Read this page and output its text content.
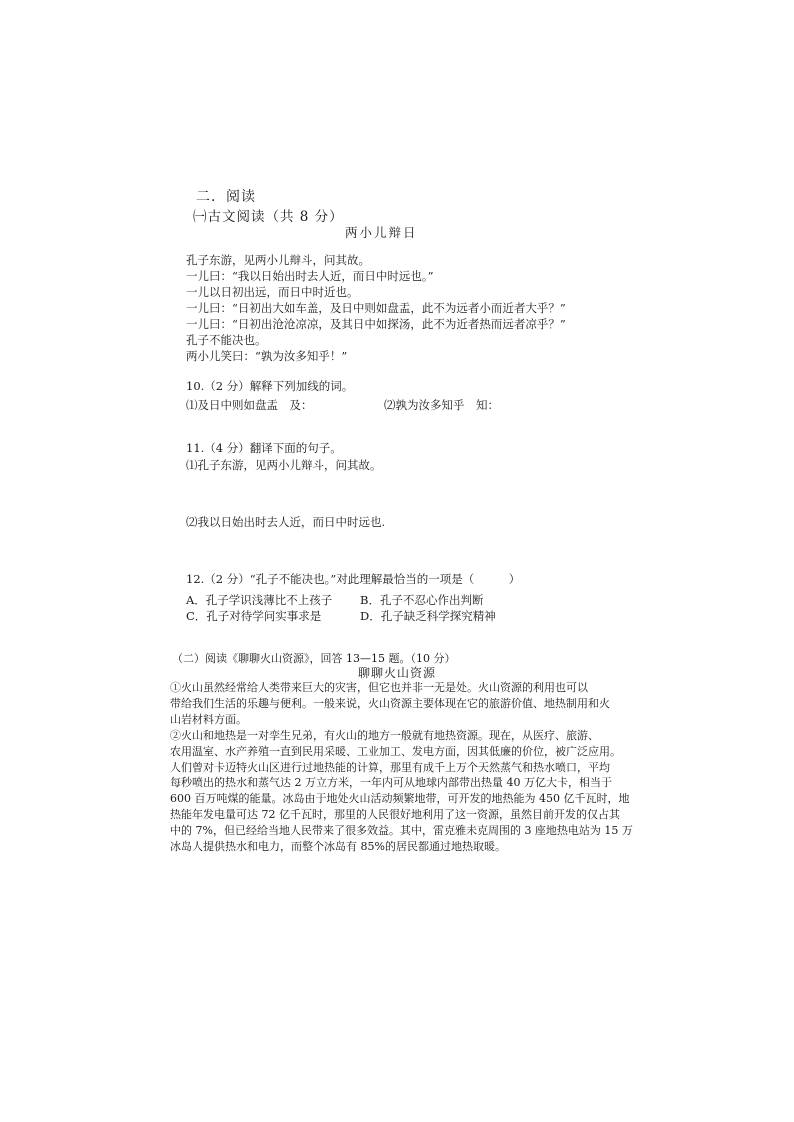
二．阅读
㈠古文阅读（共 8 分）
两小儿辩日
孔子东游，见两小儿辩斗，问其故。
一儿曰：“我以日始出时去人近，而日中时远也。”
一儿以日初出远，而日中时近也。
一儿曰：“日初出大如车盖，及日中则如盘盂，此不为远者小而近者大乎？”
一儿曰：“日初出沧沧凉凉，及其日中如探汤，此不为近者热而远者凉乎？”
孔子不能决也。
两小儿笑曰：“孰为汝多知乎！”
10.（2 分）解释下列加线的词。
⑴及日中则如盘盂　及：	⑵孰为汝多知乎　知：
11.（4 分）翻译下面的句子。
⑴孔子东游，见两小儿辩斗，问其故。
⑵我以日始出时去人近，而日中时远也.
12.（2 分）“孔子不能决也。”对此理解最恰当的一项是（　　　）
A．孔子学识浅薄比不上孩子 B．孔子不忍心作出判断
C．孔子对待学问实事求是	D．孔子缺乏科学探究精神
（二）阅读《聊聊火山资源》，回答 13—15 题。（10 分）
聊聊火山资源
①火山虽然经常给人类带来巨大的灾害，但它也并非一无是处。火山资源的利用也可以
带给我们生活的乐趣与便利。一般来说，火山资源主要体现在它的旅游价值、地热制用和火
山岩材料方面。
②火山和地热是一对孪生兄弟，有火山的地方一般就有地热资源。现在，从医疗、旅游、
农用温室、水产养殖一直到民用采暖、工业加工、发电方面，因其低廉的价位，被广泛应用。
人们曾对卡迈特火山区进行过地热能的计算，那里有成千上万个天然蒸气和热水喷口，平均
每秒喷出的热水和蒸气达 2 万立方米，一年内可从地球内部带出热量 40 万亿大卡，相当于
600 百万吨煤的能量。冰岛由于地处火山活动频繁地带，可开发的地热能为 450 亿千瓦时，地
热能年发电量可达 72 亿千瓦时，那里的人民很好地利用了这一资源，虽然目前开发的仅占其
中的 7%，但已经给当地人民带来了很多效益。其中，雷克雅未克周围的 3 座地热电站为 15 万
冰岛人提供热水和电力，而整个冰岛有 85%的居民都通过地热取暖。
